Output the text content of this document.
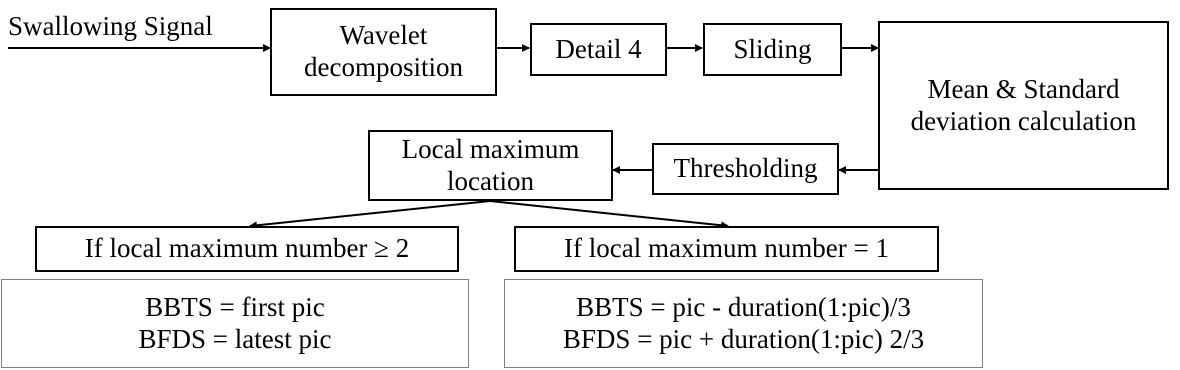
Swallowing Signal	Wavelet
decomposition
Detail 4	Sliding
Mean & Standard
deviation calculation
Thresholding
Local maximum
location
If local maximum number ≥ 2	If local maximum number = 1
BBTS = first pic
BFDS = latest pic
BBTS = pic - duration(1:pic)/3
BFDS = pic + duration(1:pic) 2/3
